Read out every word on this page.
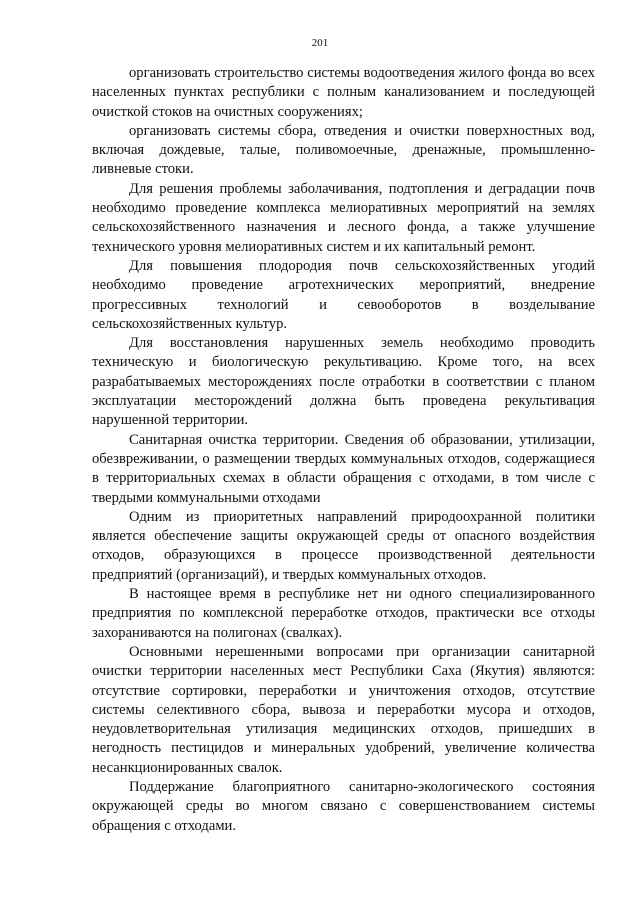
201

организовать строительство системы водоотведения жилого фонда во всех населенных пунктах республики с полным канализованием и последующей очисткой стоков на очистных сооружениях;

организовать системы сбора, отведения и очистки поверхностных вод, включая дождевые, талые, поливомоечные, дренажные, промышленно-ливневые стоки.

Для решения проблемы заболачивания, подтопления и деградации почв необходимо проведение комплекса мелиоративных мероприятий на землях сельскохозяйственного назначения и лесного фонда, а также улучшение технического уровня мелиоративных систем и их капитальный ремонт.

Для повышения плодородия почв сельскохозяйственных угодий необходимо проведение агротехнических мероприятий, внедрение прогрессивных технологий и севооборотов в возделывание сельскохозяйственных культур.

Для восстановления нарушенных земель необходимо проводить техническую и биологическую рекультивацию. Кроме того, на всех разрабатываемых месторождениях после отработки в соответствии с планом эксплуатации месторождений должна быть проведена рекультивация нарушенной территории.

Санитарная очистка территории. Сведения об образовании, утилизации, обезвреживании, о размещении твердых коммунальных отходов, содержащиеся в территориальных схемах в области обращения с отходами, в том числе с твердыми коммунальными отходами

Одним из приоритетных направлений природоохранной политики является обеспечение защиты окружающей среды от опасного воздействия отходов, образующихся в процессе производственной деятельности предприятий (организаций), и твердых коммунальных отходов.

В настоящее время в республике нет ни одного специализированного предприятия по комплексной переработке отходов, практически все отходы захораниваются на полигонах (свалках).

Основными нерешенными вопросами при организации санитарной очистки территории населенных мест Республики Саха (Якутия) являются: отсутствие сортировки, переработки и уничтожения отходов, отсутствие системы селективного сбора, вывоза и переработки мусора и отходов, неудовлетворительная утилизация медицинских отходов, пришедших в негодность пестицидов и минеральных удобрений, увеличение количества несанкционированных свалок.

Поддержание благоприятного санитарно-экологического состояния окружающей среды во многом связано с совершенствованием системы обращения с отходами.
